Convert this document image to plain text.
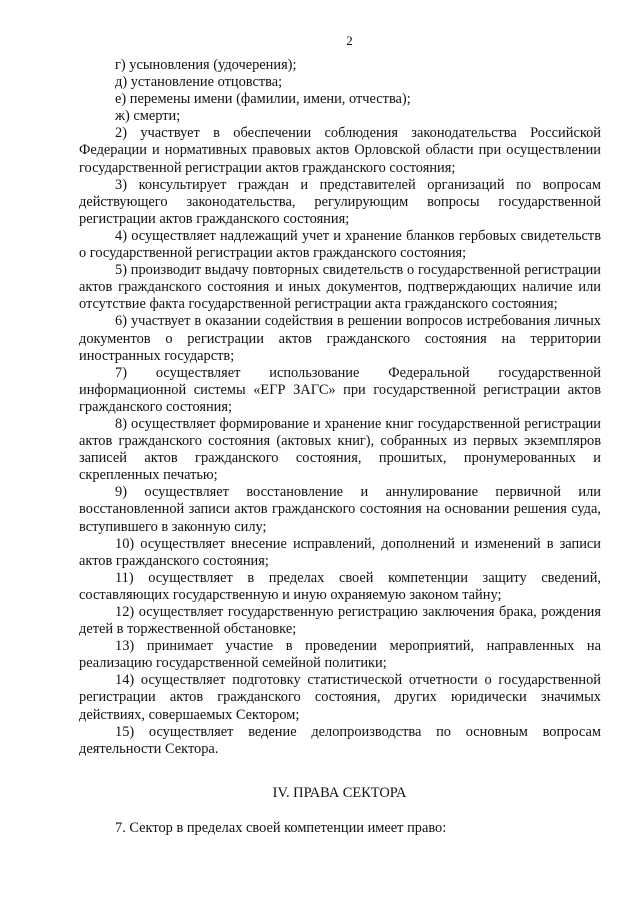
2

г) усыновления (удочерения);

д) установление отцовства;

е) перемены имени (фамилии, имени, отчества);

ж) смерти;

2) участвует в обеспечении соблюдения законодательства Российской Федерации и нормативных правовых актов Орловской области при осуществлении государственной регистрации актов гражданского состояния;

3) консультирует граждан и представителей организаций по вопросам действующего законодательства, регулирующим вопросы государственной регистрации актов гражданского состояния;

4) осуществляет надлежащий учет и хранение бланков гербовых свидетельств о государственной регистрации актов гражданского состояния;

5) производит выдачу повторных свидетельств о государственной регистрации актов гражданского состояния и иных документов, подтверждающих наличие или отсутствие факта государственной регистрации акта гражданского состояния;

6) участвует в оказании содействия в решении вопросов истребования личных документов о регистрации актов гражданского состояния на территории иностранных государств;

7) осуществляет использование Федеральной государственной информационной системы «ЕГР ЗАГС» при государственной регистрации актов гражданского состояния;

8) осуществляет формирование и хранение книг государственной регистрации актов гражданского состояния (актовых книг), собранных из первых экземпляров записей актов гражданского состояния, прошитых, пронумерованных и скрепленных печатью;

9) осуществляет восстановление и аннулирование первичной или восстановленной записи актов гражданского состояния на основании решения суда, вступившего в законную силу;

10) осуществляет внесение исправлений, дополнений и изменений в записи актов гражданского состояния;

11) осуществляет в пределах своей компетенции защиту сведений, составляющих государственную и иную охраняемую законом тайну;

12) осуществляет государственную регистрацию заключения брака, рождения детей в торжественной обстановке;

13) принимает участие в проведении мероприятий, направленных на реализацию государственной семейной политики;

14) осуществляет подготовку статистической отчетности о государственной регистрации актов гражданского состояния, других юридически значимых действиях, совершаемых Сектором;

15) осуществляет ведение делопроизводства по основным вопросам деятельности Сектора.

IV. ПРАВА СЕКТОРА
7. Сектор в пределах своей компетенции имеет право:
